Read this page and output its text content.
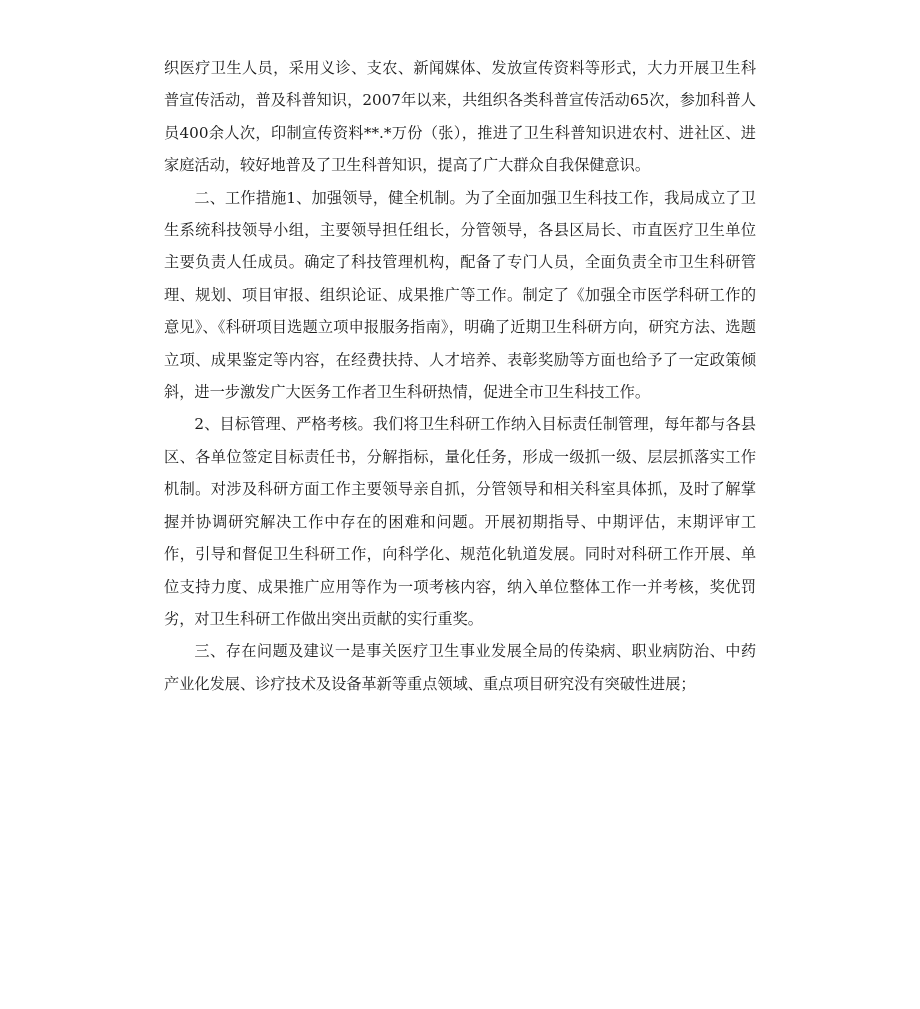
织医疗卫生人员，采用义诊、支农、新闻媒体、发放宣传资料等形式，大力开展卫生科普宣传活动，普及科普知识，2007年以来，共组织各类科普宣传活动65次，参加科普人员400余人次，印制宣传资料**.*万份（张），推进了卫生科普知识进农村、进社区、进家庭活动，较好地普及了卫生科普知识，提高了广大群众自我保健意识。

二、工作措施1、加强领导，健全机制。为了全面加强卫生科技工作，我局成立了卫生系统科技领导小组，主要领导担任组长，分管领导，各县区局长、市直医疗卫生单位主要负责人任成员。确定了科技管理机构，配备了专门人员，全面负责全市卫生科研管理、规划、项目审报、组织论证、成果推广等工作。制定了《加强全市医学科研工作的意见》、《科研项目选题立项申报服务指南》，明确了近期卫生科研方向，研究方法、选题立项、成果鉴定等内容，在经费扶持、人才培养、表彰奖励等方面也给予了一定政策倾斜，进一步激发广大医务工作者卫生科研热情，促进全市卫生科技工作。

2、目标管理、严格考核。我们将卫生科研工作纳入目标责任制管理，每年都与各县区、各单位签定目标责任书，分解指标，量化任务，形成一级抓一级、层层抓落实工作机制。对涉及科研方面工作主要领导亲自抓，分管领导和相关科室具体抓，及时了解掌握并协调研究解决工作中存在的困难和问题。开展初期指导、中期评估，末期评审工作，引导和督促卫生科研工作，向科学化、规范化轨道发展。同时对科研工作开展、单位支持力度、成果推广应用等作为一项考核内容，纳入单位整体工作一并考核，奖优罚劣，对卫生科研工作做出突出贡献的实行重奖。

三、存在问题及建议一是事关医疗卫生事业发展全局的传染病、职业病防治、中药产业化发展、诊疗技术及设备革新等重点领域、重点项目研究没有突破性进展；
